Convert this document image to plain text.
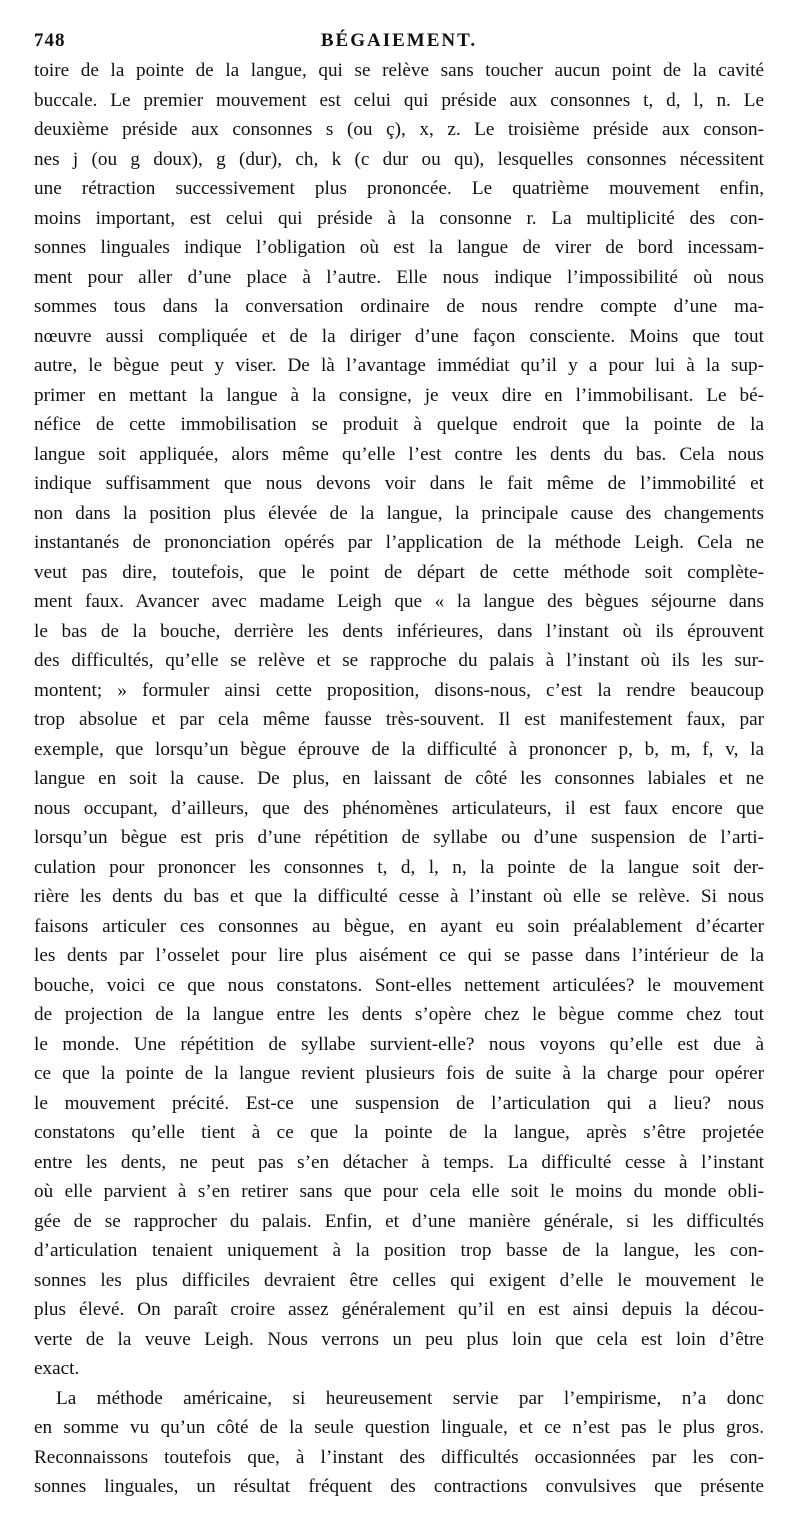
748	BÉGAIEMENT.
toire de la pointe de la langue, qui se relève sans toucher aucun point de la cavité
buccale. Le premier mouvement est celui qui préside aux consonnes t, d, l, n. Le
deuxième préside aux consonnes s (ou ç), x, z. Le troisième préside aux conson-
nes j (ou g doux), g (dur), ch, k (c dur ou qu), lesquelles consonnes nécessitent
une rétraction successivement plus prononcée. Le quatrième mouvement enfin,
moins important, est celui qui préside à la consonne r. La multiplicité des con-
sonnes linguales indique l’obligation où est la langue de virer de bord incessam-
ment pour aller d’une place à l’autre. Elle nous indique l’impossibilité où nous
sommes tous dans la conversation ordinaire de nous rendre compte d’une ma-
nœuvre aussi compliquée et de la diriger d’une façon consciente. Moins que tout
autre, le bègue peut y viser. De là l’avantage immédiat qu’il y a pour lui à la sup-
primer en mettant la langue à la consigne, je veux dire en l’immobilisant. Le bé-
néfice de cette immobilisation se produit à quelque endroit que la pointe de la
langue soit appliquée, alors même qu’elle l’est contre les dents du bas. Cela nous
indique suffisamment que nous devons voir dans le fait même de l’immobilité et
non dans la position plus élevée de la langue, la principale cause des changements
instantanés de prononciation opérés par l’application de la méthode Leigh. Cela ne
veut pas dire, toutefois, que le point de départ de cette méthode soit complète-
ment faux. Avancer avec madame Leigh que « la langue des bègues séjourne dans
le bas de la bouche, derrière les dents inférieures, dans l’instant où ils éprouvent
des difficultés, qu’elle se relève et se rapproche du palais à l’instant où ils les sur-
montent; » formuler ainsi cette proposition, disons-nous, c’est la rendre beaucoup
trop absolue et par cela même fausse très-souvent. Il est manifestement faux, par
exemple, que lorsqu’un bègue éprouve de la difficulté à prononcer p, b, m, f, v, la
langue en soit la cause. De plus, en laissant de côté les consonnes labiales et ne
nous occupant, d’ailleurs, que des phénomènes articulateurs, il est faux encore que
lorsqu’un bègue est pris d’une répétition de syllabe ou d’une suspension de l’arti-
culation pour prononcer les consonnes t, d, l, n, la pointe de la langue soit der-
rière les dents du bas et que la difficulté cesse à l’instant où elle se relève. Si nous
faisons articuler ces consonnes au bègue, en ayant eu soin préalablement d’écarter
les dents par l’osselet pour lire plus aisément ce qui se passe dans l’intérieur de la
bouche, voici ce que nous constatons. Sont-elles nettement articulées? le mouvement
de projection de la langue entre les dents s’opère chez le bègue comme chez tout
le monde. Une répétition de syllabe survient-elle? nous voyons qu’elle est due à
ce que la pointe de la langue revient plusieurs fois de suite à la charge pour opérer
le mouvement précité. Est-ce une suspension de l’articulation qui a lieu? nous
constatons qu’elle tient à ce que la pointe de la langue, après s’être projetée
entre les dents, ne peut pas s’en détacher à temps. La difficulté cesse à l’instant
où elle parvient à s’en retirer sans que pour cela elle soit le moins du monde obli-
gée de se rapprocher du palais. Enfin, et d’une manière générale, si les difficultés
d’articulation tenaient uniquement à la position trop basse de la langue, les con-
sonnes les plus difficiles devraient être celles qui exigent d’elle le mouvement le
plus élevé. On paraît croire assez généralement qu’il en est ainsi depuis la décou-
verte de la veuve Leigh. Nous verrons un peu plus loin que cela est loin d’être
exact.
La méthode américaine, si heureusement servie par l’empirisme, n’a donc
en somme vu qu’un côté de la seule question linguale, et ce n’est pas le plus gros.
Reconnaissons toutefois que, à l’instant des difficultés occasionnées par les con-
sonnes linguales, un résultat fréquent des contractions convulsives que présente
